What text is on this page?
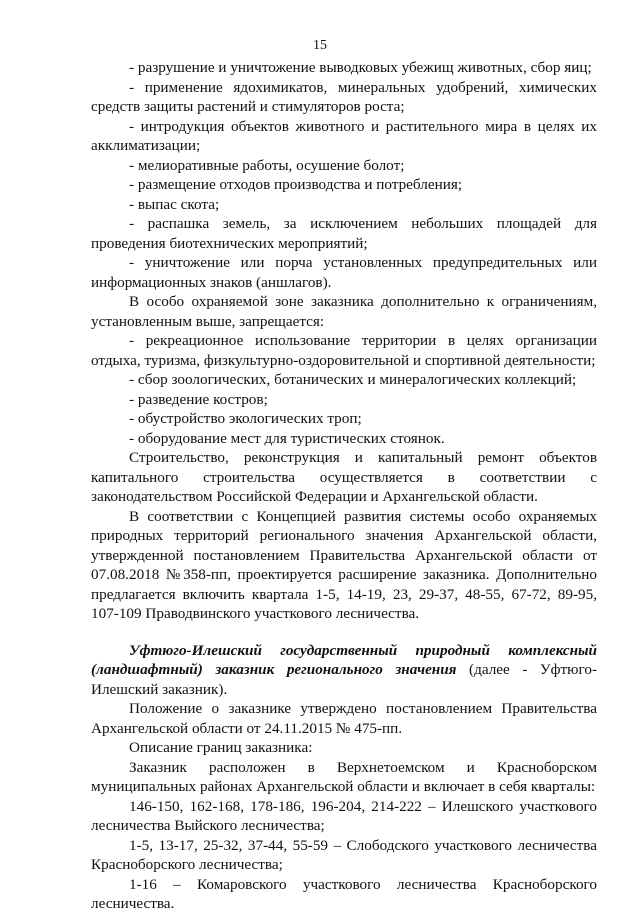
15

- разрушение и уничтожение выводковых убежищ животных, сбор яиц;

- применение ядохимикатов, минеральных удобрений, химических средств защиты растений и стимуляторов роста;

- интродукция объектов животного и растительного мира в целях их акклиматизации;

- мелиоративные работы, осушение болот;

- размещение отходов производства и потребления;

- выпас скота;

- распашка земель, за исключением небольших площадей для проведения биотехнических мероприятий;

- уничтожение или порча установленных предупредительных или информационных знаков (аншлагов).

В особо охраняемой зоне заказника дополнительно к ограничениям, установленным выше, запрещается:

- рекреационное использование территории в целях организации отдыха, туризма, физкультурно-оздоровительной и спортивной деятельности;

- сбор зоологических, ботанических и минералогических коллекций;

- разведение костров;

- обустройство экологических троп;

- оборудование мест для туристических стоянок.

Строительство, реконструкция и капитальный ремонт объектов капитального строительства осуществляется в соответствии с законодательством Российской Федерации и Архангельской области.

В соответствии с Концепцией развития системы особо охраняемых природных территорий регионального значения Архангельской области, утвержденной постановлением Правительства Архангельской области от 07.08.2018 №358-пп, проектируется расширение заказника. Дополнительно предлагается включить квартала 1-5, 14-19, 23, 29-37, 48-55, 67-72, 89-95, 107-109 Праводвинского участкового лесничества.

Уфтюго-Илешский государственный природный комплексный (ландшафтный) заказник регионального значения (далее - Уфтюго-Илешский заказник).

Положение о заказнике утверждено постановлением Правительства Архангельской области от 24.11.2015 № 475-пп.

Описание границ заказника:

Заказник расположен в Верхнетоемском и Красноборском муниципальных районах Архангельской области и включает в себя кварталы:

146-150, 162-168, 178-186, 196-204, 214-222 – Илешского участкового лесничества Выйского лесничества;

1-5, 13-17, 25-32, 37-44, 55-59 – Слободского участкового лесничества Красноборского лесничества;

1-16 – Комаровского участкового лесничества Красноборского лесничества.
